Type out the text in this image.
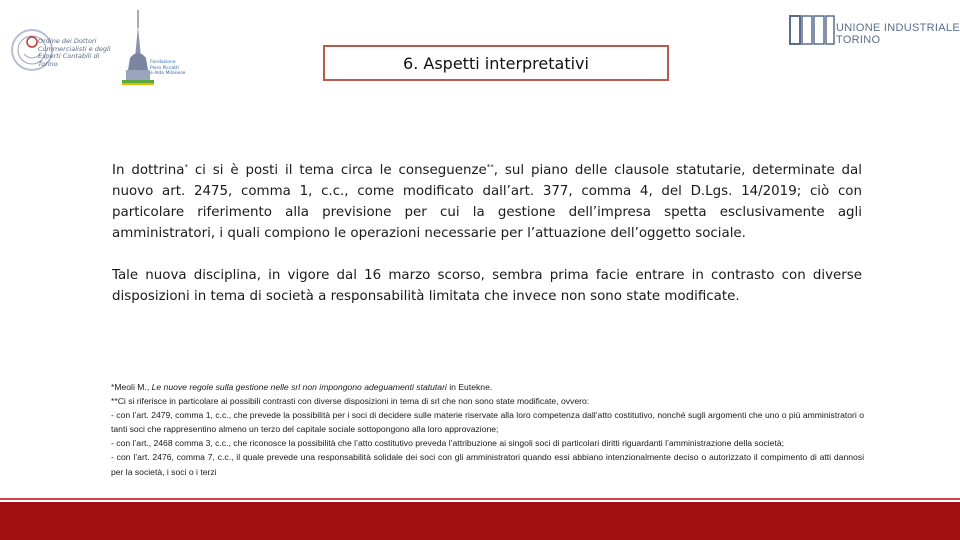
Ordine dei Dottori Commercialisti e degli Esperti Contabili di Torino	Fondazione
Piero Piccatti
e Aldo Milanese
UNIONE INDUSTRIALE
TORINO
6. Aspetti interpretativi
In dottrina* ci si è posti il tema circa le conseguenze**, sul piano delle clausole statutarie, determinate dal nuovo art. 2475, comma 1, c.c., come modificato dall’art. 377, comma 4, del D.Lgs. 14/2019; ciò con particolare riferimento alla previsione per cui la gestione dell’impresa spetta esclusivamente agli amministratori, i quali compiono le operazioni necessarie per l’attuazione dell’oggetto sociale.
Tale nuova disciplina, in vigore dal 16 marzo scorso, sembra prima facie entrare in contrasto con diverse disposizioni in tema di società a responsabilità limitata che invece non sono state modificate.

*Meoli M., Le nuove regole sulla gestione nelle srl non impongono adeguamenti statutari in Eutekne.

**Ci si riferisce in particolare ai possibili contrasti con diverse disposizioni in tema di srl che non sono state modificate, ovvero:

- con l’art. 2479, comma 1, c.c., che prevede la possibilità per i soci di decidere sulle materie riservate alla loro competenza dall’atto costitutivo, nonché sugli argomenti che uno o più amministratori o tanti soci che rappresentino almeno un terzo del capitale sociale sottopongono alla loro approvazione;

- con l’art., 2468 comma 3, c.c., che riconosce la possibilità che l’atto costitutivo preveda l’attribuzione ai singoli soci di particolari diritti riguardanti l’amministrazione della società;

- con l’art. 2476, comma 7, c.c., il quale prevede una responsabilità solidale dei soci con gli amministratori quando essi abbiano intenzionalmente deciso o autorizzato il compimento di atti dannosi per la società, i soci o i terzi
